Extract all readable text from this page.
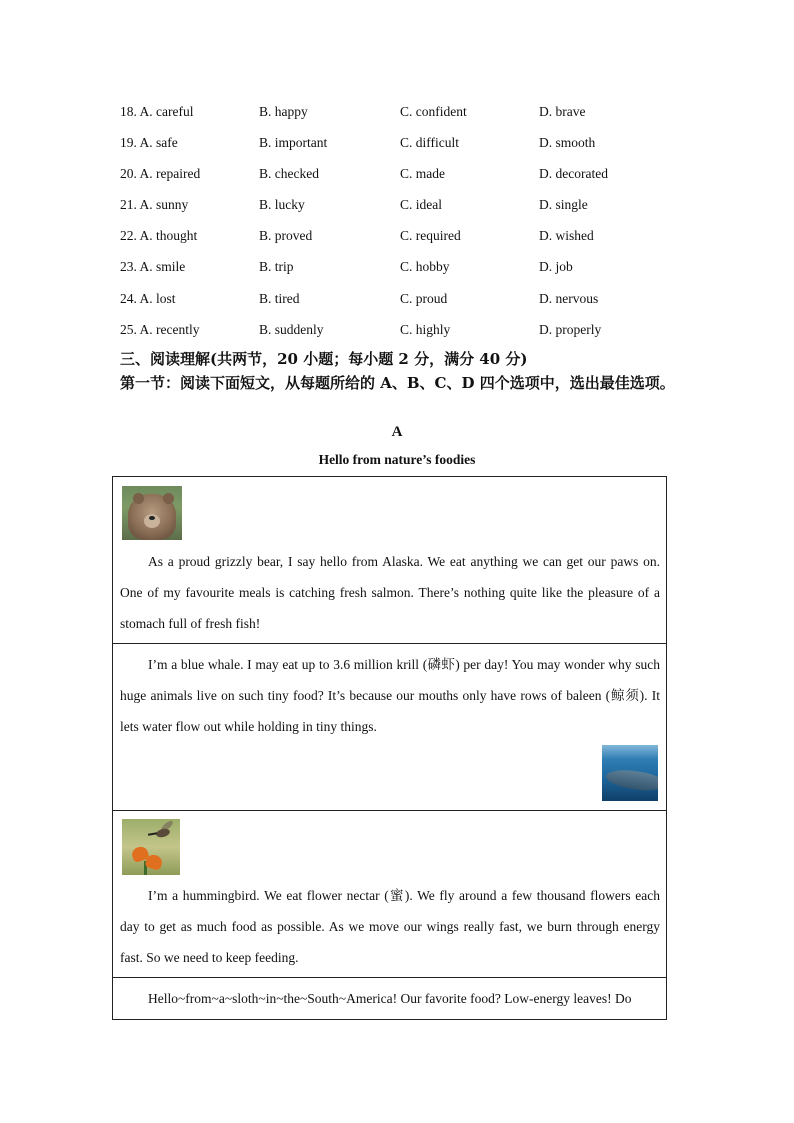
18. A. careful	B. happy	C. confident	D. brave
19. A. safe	B. important	C. difficult	D. smooth
20. A. repaired	B. checked	C. made	D. decorated
21. A. sunny	B. lucky	C. ideal	D. single
22. A. thought	B. proved	C. required	D. wished
23. A. smile	B. trip	C. hobby	D. job
24. A. lost	B. tired	C. proud	D. nervous
25. A. recently	B. suddenly	C. highly	D. properly
三、阅读理解(共两节，20 小题；每小题 2 分，满分 40 分)
第一节：阅读下面短文，从每题所给的 A、B、C、D 四个选项中，选出最佳选项。
A
Hello from nature’s foodies
As a proud grizzly bear, I say hello from Alaska. We eat anything we can get our paws on. One of my favourite meals is catching fresh salmon. There’s nothing quite like the pleasure of a stomach full of fresh fish!
I’m a blue whale. I may eat up to 3.6 million krill (磷虾) per day! You may wonder why such huge animals live on such tiny food? It’s because our mouths only have rows of baleen (鲸须). It lets water flow out while holding in tiny things.
I’m a hummingbird. We eat flower nectar (蜜). We fly around a few thousand flowers each day to get as much food as possible. As we move our wings really fast, we burn through energy fast. So we need to keep feeding.
Hello~from~a~sloth~in~the~South~America! Our favorite food? Low-energy leaves! Do
